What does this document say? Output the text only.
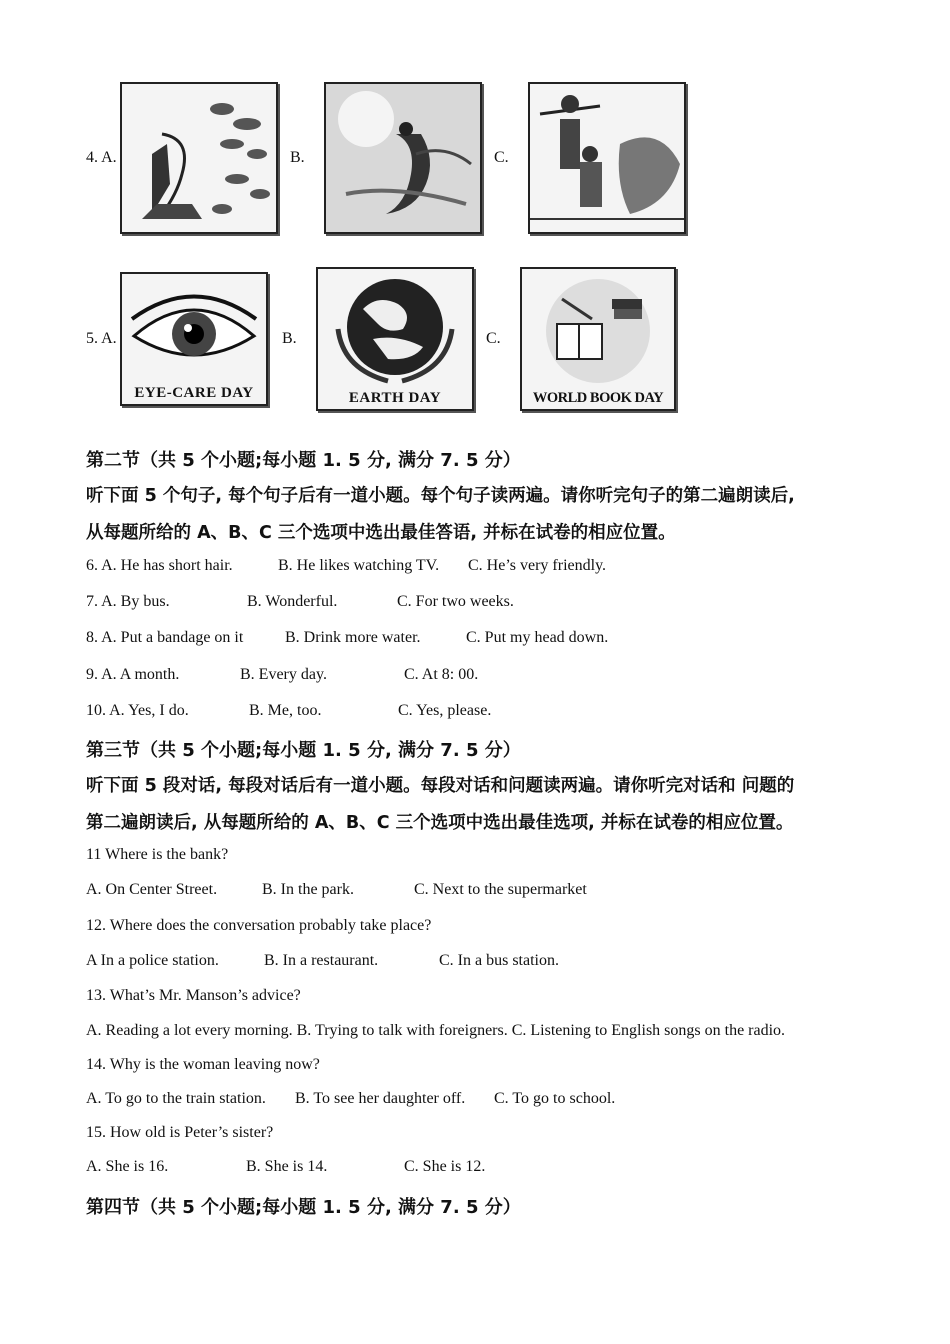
4. A.	B.	C.
5. A.
EYE-CARE DAY
B.
EARTH DAY
C.
WORLD BOOK DAY
第二节（共 5 个小题;每小题 1. 5 分, 满分 7. 5 分）
听下面 5 个句子, 每个句子后有一道小题。每个句子读两遍。请你听完句子的第二遍朗读后,
从每题所给的 A、B、C 三个选项中选出最佳答语, 并标在试卷的相应位置。
6. A. He has short hair.	B. He likes watching TV. C. He’s very friendly.
7. A. By bus.	B. Wonderful.	C. For two weeks.
8. A. Put a bandage on it	B. Drink more water.	C. Put my head down.
9. A. A month.	B. Every day.	C. At 8: 00.
10. A. Yes, I do.	B. Me, too.	C. Yes, please.
第三节（共 5 个小题;每小题 1. 5 分, 满分 7. 5 分）
听下面 5 段对话, 每段对话后有一道小题。每段对话和问题读两遍。请你听完对话和 问题的
第二遍朗读后, 从每题所给的 A、B、C 三个选项中选出最佳选项, 并标在试卷的相应位置。
11 Where is the bank?
A. On Center Street.	B. In the park.	C. Next to the supermarket
12. Where does the conversation probably take place?
A In a police station.	B. In a restaurant.	C. In a bus station.
13. What’s Mr. Manson’s advice?
A. Reading a lot every morning. B. Trying to talk with foreigners. C. Listening to English songs on the radio.
14. Why is the woman leaving now?
A. To go to the train station. B. To see her daughter off. C. To go to school.
15. How old is Peter’s sister?
A. She is 16.	B. She is 14.	C. She is 12.
第四节（共 5 个小题;每小题 1. 5 分, 满分 7. 5 分）
